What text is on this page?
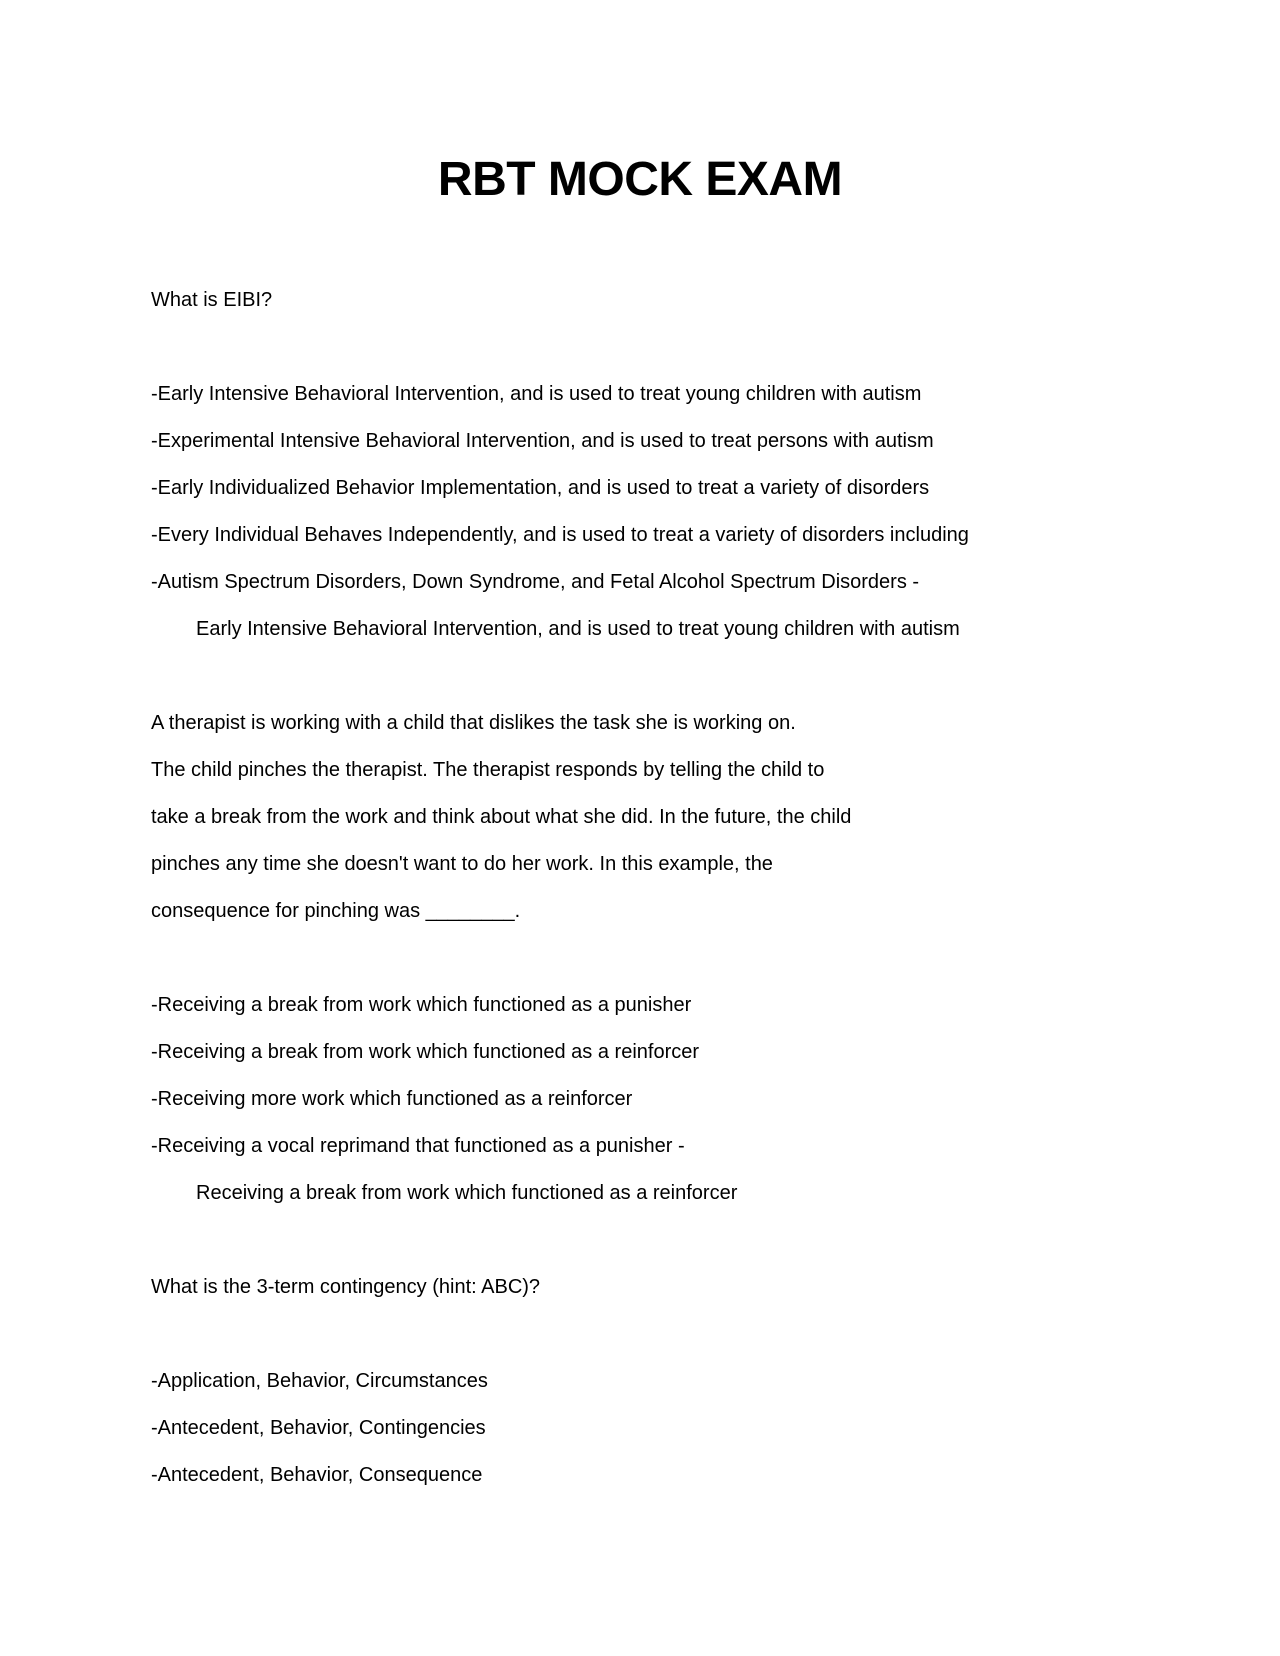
RBT MOCK EXAM
What is EIBI?
-Early Intensive Behavioral Intervention, and is used to treat young children with autism
-Experimental Intensive Behavioral Intervention, and is used to treat persons with autism
-Early Individualized Behavior Implementation, and is used to treat a variety of disorders
-Every Individual Behaves Independently, and is used to treat a variety of disorders including
-Autism Spectrum Disorders, Down Syndrome, and Fetal Alcohol Spectrum Disorders -
Early Intensive Behavioral Intervention, and is used to treat young children with autism
A therapist is working with a child that dislikes the task she is working on.
The child pinches the therapist. The therapist responds by telling the child to
take a break from the work and think about what she did. In the future, the child
pinches any time she doesn't want to do her work. In this example, the
consequence for pinching was ________.
-Receiving a break from work which functioned as a punisher
-Receiving a break from work which functioned as a reinforcer
-Receiving more work which functioned as a reinforcer
-Receiving a vocal reprimand that functioned as a punisher -
Receiving a break from work which functioned as a reinforcer
What is the 3-term contingency (hint: ABC)?
-Application, Behavior, Circumstances
-Antecedent, Behavior, Contingencies
-Antecedent, Behavior, Consequence
